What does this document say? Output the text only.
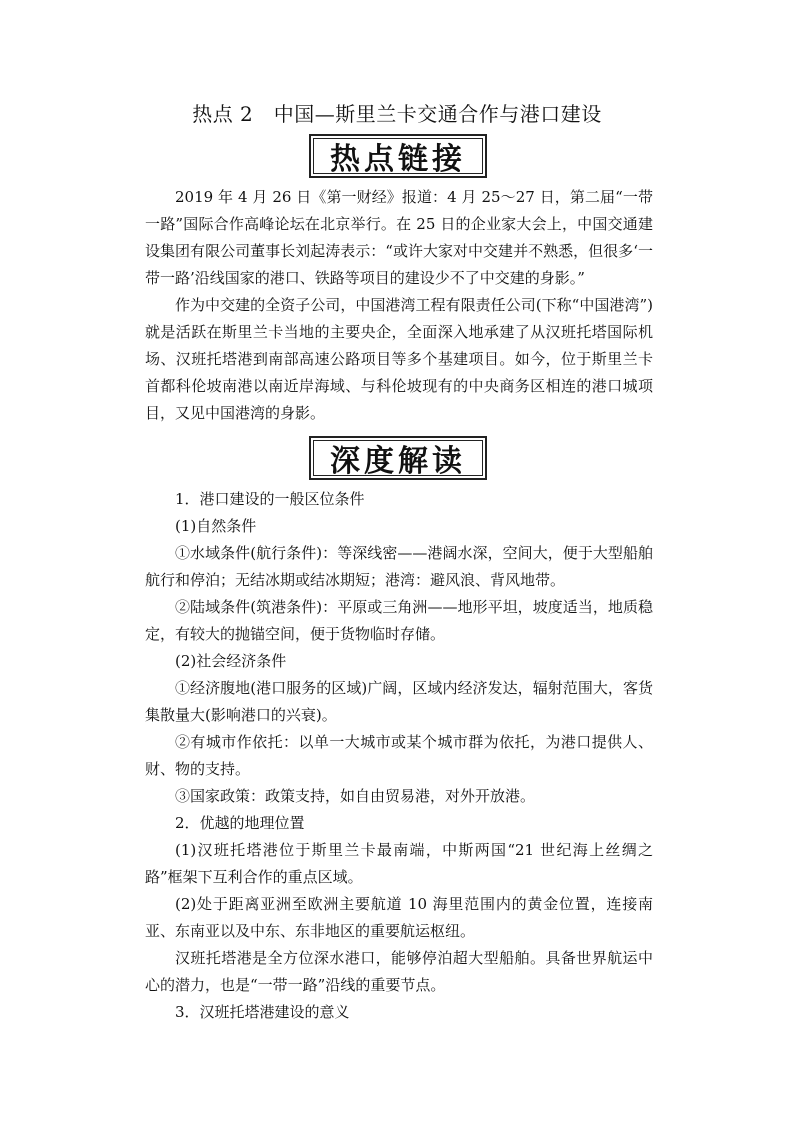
热点 2　中国—斯里兰卡交通合作与港口建设
热点链接

2019 年 4 月 26 日《第一财经》报道：4 月 25～27 日，第二届“一带一路”国际合作高峰论坛在北京举行。在 25 日的企业家大会上，中国交通建设集团有限公司董事长刘起涛表示：“或许大家对中交建并不熟悉，但很多‘一带一路’沿线国家的港口、铁路等项目的建设少不了中交建的身影。”

作为中交建的全资子公司，中国港湾工程有限责任公司(下称“中国港湾”)就是活跃在斯里兰卡当地的主要央企，全面深入地承建了从汉班托塔国际机场、汉班托塔港到南部高速公路项目等多个基建项目。如今，位于斯里兰卡首都科伦坡南港以南近岸海域、与科伦坡现有的中央商务区相连的港口城项目，又见中国港湾的身影。

深度解读

1．港口建设的一般区位条件

(1)自然条件

①水域条件(航行条件)：等深线密——港阔水深，空间大，便于大型船舶航行和停泊；无结冰期或结冰期短；港湾：避风浪、背风地带。

②陆域条件(筑港条件)：平原或三角洲——地形平坦，坡度适当，地质稳定，有较大的抛锚空间，便于货物临时存储。

(2)社会经济条件

①经济腹地(港口服务的区域)广阔，区域内经济发达，辐射范围大，客货集散量大(影响港口的兴衰)。

②有城市作依托：以单一大城市或某个城市群为依托，为港口提供人、财、物的支持。

③国家政策：政策支持，如自由贸易港，对外开放港。

2．优越的地理位置

(1)汉班托塔港位于斯里兰卡最南端，中斯两国“21 世纪海上丝绸之路”框架下互利合作的重点区域。

(2)处于距离亚洲至欧洲主要航道 10 海里范围内的黄金位置，连接南亚、东南亚以及中东、东非地区的重要航运枢纽。

汉班托塔港是全方位深水港口，能够停泊超大型船舶。具备世界航运中心的潜力，也是“一带一路”沿线的重要节点。

3．汉班托塔港建设的意义
